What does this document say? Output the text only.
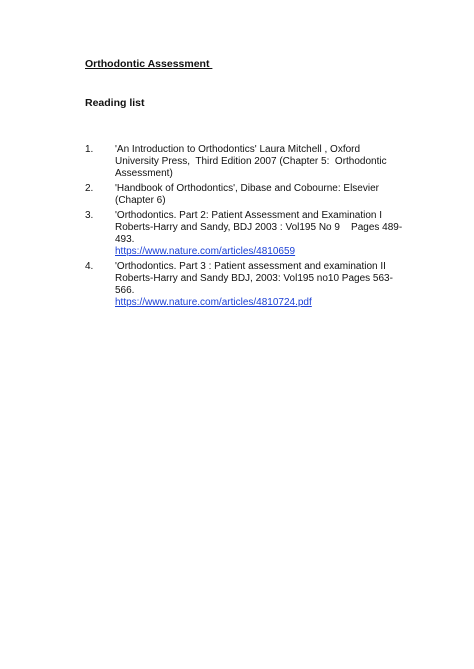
Orthodontic Assessment
Reading list
1.	'An Introduction to Orthodontics' Laura Mitchell , Oxford
University Press,  Third Edition 2007 (Chapter 5:  Orthodontic
Assessment)
2.	'Handbook of Orthodontics', Dibase and Cobourne: Elsevier
(Chapter 6)
3.	'Orthodontics. Part 2: Patient Assessment and Examination I
Roberts-Harry and Sandy, BDJ 2003 : Vol195 No 9    Pages 489-493.
https://www.nature.com/articles/4810659
4.	'Orthodontics. Part 3 : Patient assessment and examination II
Roberts-Harry and Sandy BDJ, 2003: Vol195 no10 Pages 563-566.
https://www.nature.com/articles/4810724.pdf
